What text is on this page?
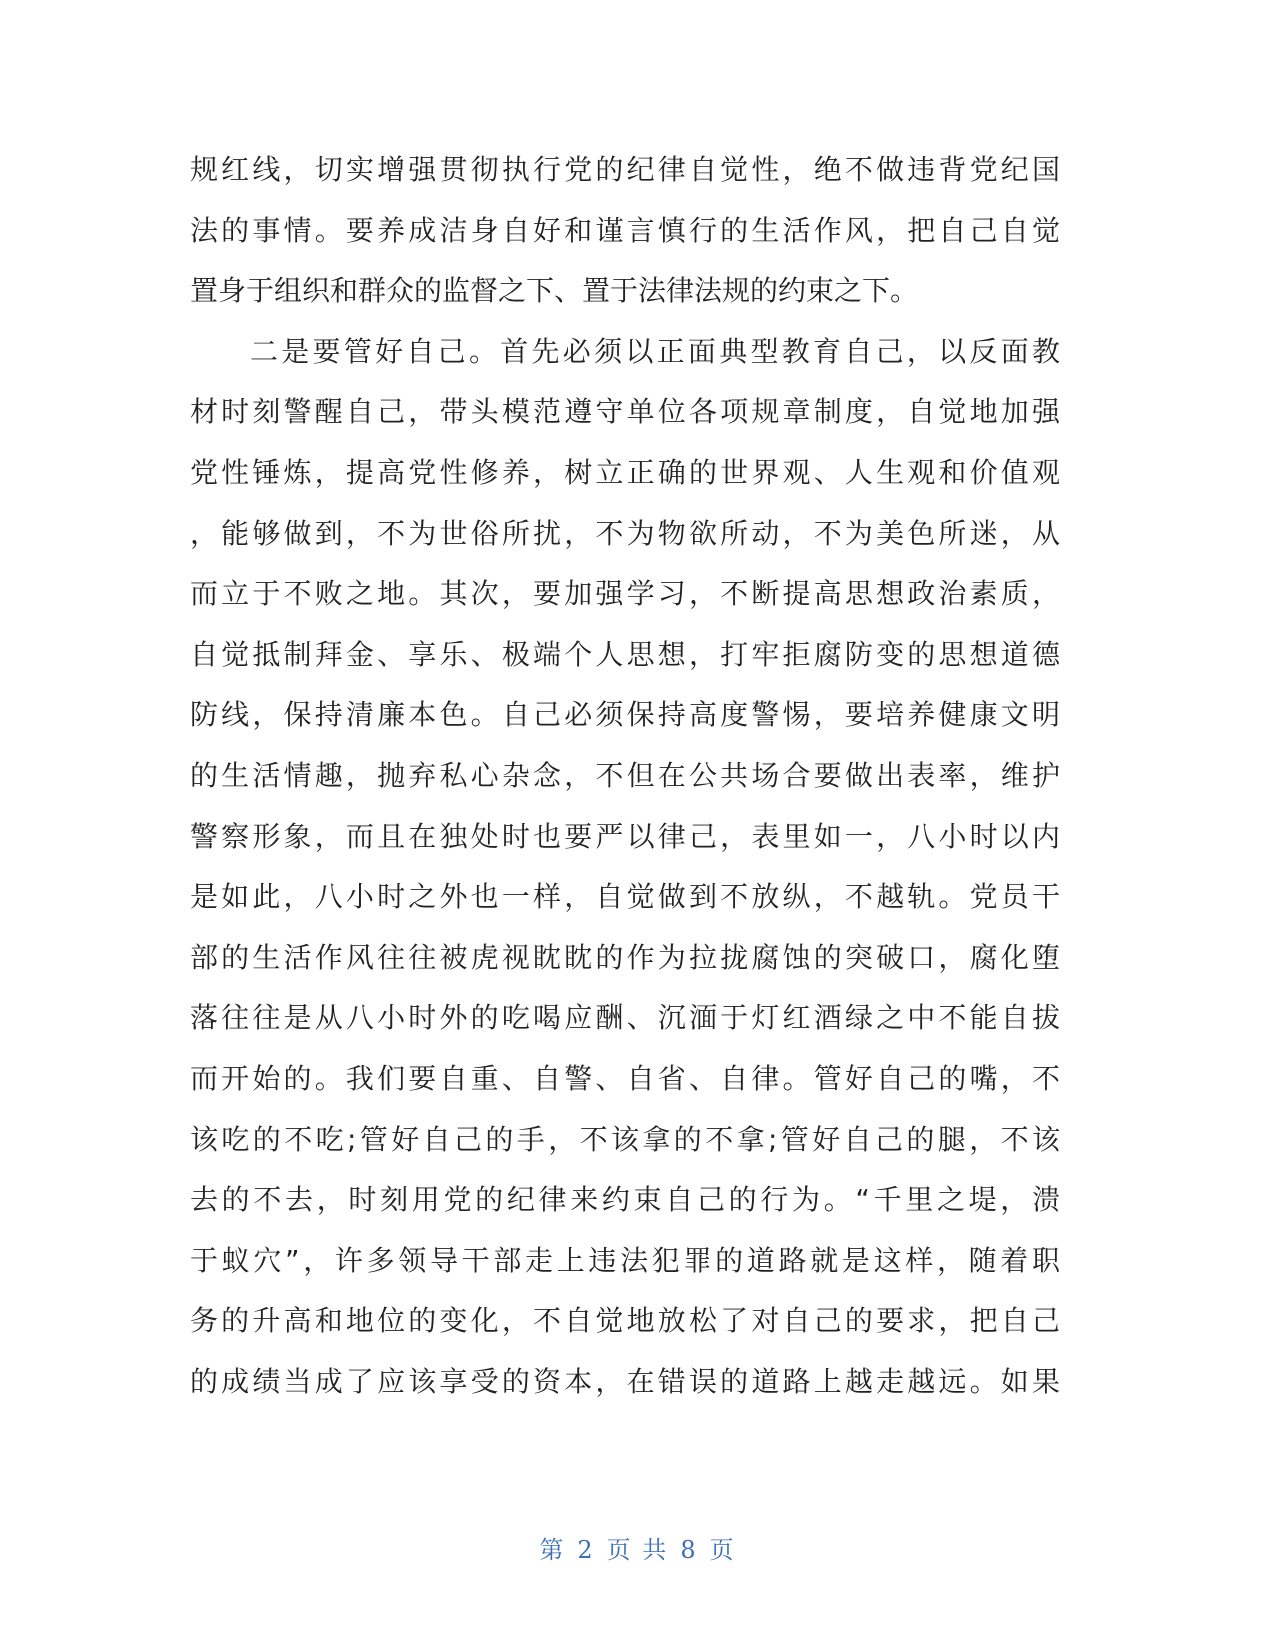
规红线，切实增强贯彻执行党的纪律自觉性，绝不做违背党纪国
法的事情。要养成洁身自好和谨言慎行的生活作风，把自己自觉
置身于组织和群众的监督之下、置于法律法规的约束之下。
二是要管好自己。首先必须以正面典型教育自己，以反面教
材时刻警醒自己，带头模范遵守单位各项规章制度，自觉地加强
党性锤炼，提高党性修养，树立正确的世界观、人生观和价值观
，能够做到，不为世俗所扰，不为物欲所动，不为美色所迷，从
而立于不败之地。其次，要加强学习，不断提高思想政治素质，
自觉抵制拜金、享乐、极端个人思想，打牢拒腐防变的思想道德
防线，保持清廉本色。自己必须保持高度警惕，要培养健康文明
的生活情趣，抛弃私心杂念，不但在公共场合要做出表率，维护
警察形象，而且在独处时也要严以律己，表里如一，八小时以内
是如此，八小时之外也一样，自觉做到不放纵，不越轨。党员干
部的生活作风往往被虎视眈眈的作为拉拢腐蚀的突破口，腐化堕
落往往是从八小时外的吃喝应酬、沉湎于灯红酒绿之中不能自拔
而开始的。我们要自重、自警、自省、自律。管好自己的嘴，不
该吃的不吃;管好自己的手，不该拿的不拿;管好自己的腿，不该
去的不去，时刻用党的纪律来约束自己的行为。“千里之堤，溃
于蚁穴”，许多领导干部走上违法犯罪的道路就是这样，随着职
务的升高和地位的变化，不自觉地放松了对自己的要求，把自己
的成绩当成了应该享受的资本，在错误的道路上越走越远。如果
第 2 页 共 8 页
